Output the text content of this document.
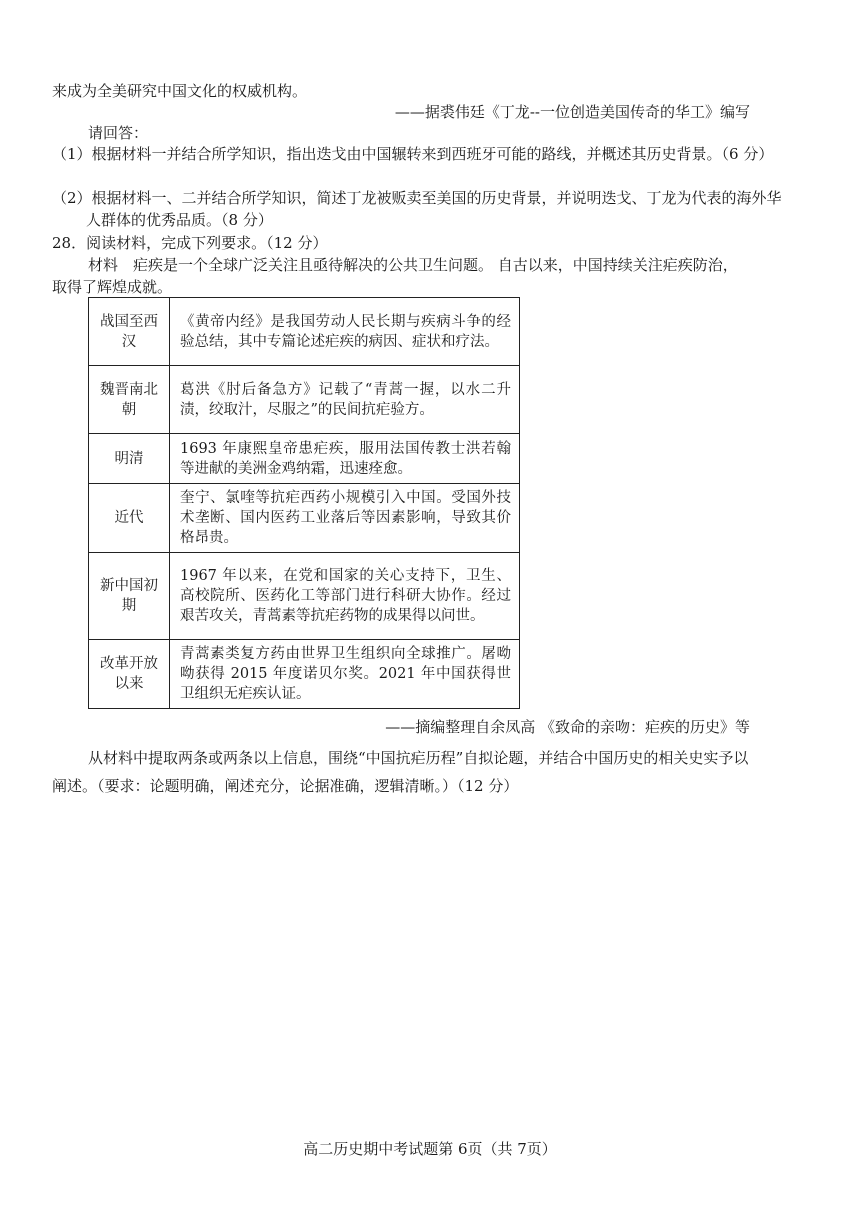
来成为全美研究中国文化的权威机构。
——据裘伟廷《丁龙--一位创造美国传奇的华工》编写
请回答：
（1）根据材料一并结合所学知识，指出迭戈由中国辗转来到西班牙可能的路线，并概述其历史背景。（6 分）
（2）根据材料一、二并结合所学知识，简述丁龙被贩卖至美国的历史背景，并说明迭戈、丁龙为代表的海外华人群体的优秀品质。（8 分）
28．阅读材料，完成下列要求。（12 分）
材料　疟疾是一个全球广泛关注且亟待解决的公共卫生问题。 自古以来，中国持续关注疟疾防治，取得了辉煌成就。
战国至西汉	《黄帝内经》是我国劳动人民长期与疾病斗争的经验总结，其中专篇论述疟疾的病因、症状和疗法。
魏晋南北朝	葛洪《肘后备急方》记载了“青蒿一握，以水二升渍，绞取汁，尽服之”的民间抗疟验方。
明清	1693 年康熙皇帝患疟疾，服用法国传教士洪若翰等进献的美洲金鸡纳霜，迅速痊愈。
近代	奎宁、氯喹等抗疟西药小规模引入中国。受国外技术垄断、国内医药工业落后等因素影响，导致其价格昂贵。
新中国初期	1967 年以来，在党和国家的关心支持下，卫生、高校院所、医药化工等部门进行科研大协作。经过艰苦攻关，青蒿素等抗疟药物的成果得以问世。
改革开放以来	青蒿素类复方药由世界卫生组织向全球推广。屠呦呦获得 2015 年度诺贝尔奖。2021 年中国获得世卫组织无疟疾认证。
——摘编整理自余凤高 《致命的亲吻：疟疾的历史》等
从材料中提取两条或两条以上信息，围绕“中国抗疟历程”自拟论题，并结合中国历史的相关史实予以阐述。（要求：论题明确，阐述充分，论据准确，逻辑清晰。）（12 分）
高二历史期中考试题第 6页（共 7页）
